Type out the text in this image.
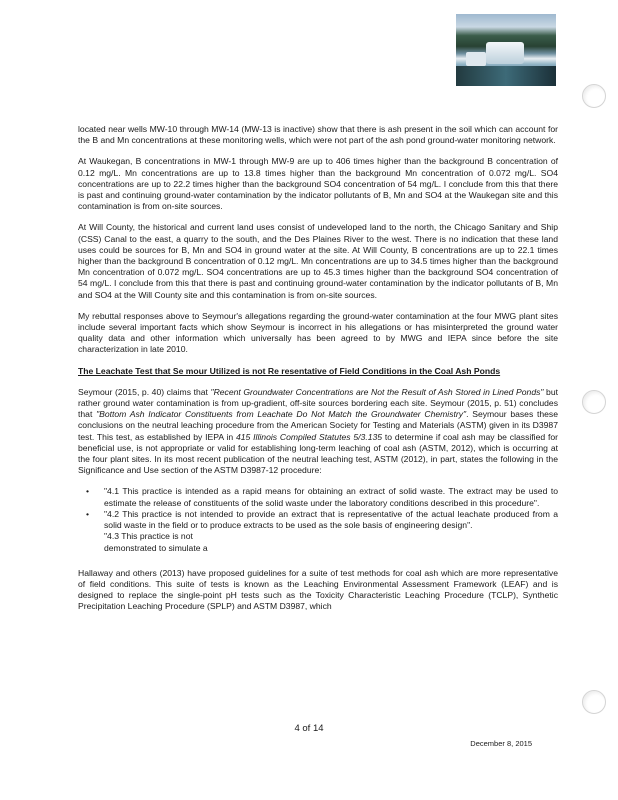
located near wells MW-10 through MW-14 (MW-13 is inactive) show that there is ash present in the soil which can account for the B and Mn concentrations at these monitoring wells, which were not part of the ash pond ground-water monitoring network.

At Waukegan, B concentrations in MW-1 through MW-9 are up to 406 times higher than the background B concentration of 0.12 mg/L. Mn concentrations are up to 13.8 times higher than the background Mn concentration of 0.072 mg/L. SO4 concentrations are up to 22.2 times higher than the background SO4 concentration of 54 mg/L. I conclude from this that there is past and continuing ground-water contamination by the indicator pollutants of B, Mn and SO4 at the Waukegan site and this contamination is from on-site sources.

At Will County, the historical and current land uses consist of undeveloped land to the north, the Chicago Sanitary and Ship (CSS) Canal to the east, a quarry to the south, and the Des Plaines River to the west. There is no indication that these land uses could be sources for B, Mn and SO4 in ground water at the site. At Will County, B concentrations are up to 22.1 times higher than the background B concentration of 0.12 mg/L. Mn concentrations are up to 34.5 times higher than the background Mn concentration of 0.072 mg/L. SO4 concentrations are up to 45.3 times higher than the background SO4 concentration of 54 mg/L. I conclude from this that there is past and continuing ground-water contamination by the indicator pollutants of B, Mn and SO4 at the Will County site and this contamination is from on-site sources.

My rebuttal responses above to Seymour's allegations regarding the ground-water contamination at the four MWG plant sites include several important facts which show Seymour is incorrect in his allegations or has misinterpreted the ground water quality data and other information which universally has been agreed to by MWG and IEPA since before the site characterization in late 2010.

The Leachate Test that Se mour Utilized is not Re resentative of Field Conditions in the Coal Ash Ponds

Seymour (2015, p. 40) claims that "Recent Groundwater Concentrations are Not the Result of Ash Stored in Lined Ponds" but rather ground water contamination is from up-gradient, off-site sources bordering each site. Seymour (2015, p. 51) concludes that "Bottom Ash Indicator Constituents from Leachate Do Not Match the Groundwater Chemistry". Seymour bases these conclusions on the neutral leaching procedure from the American Society for Testing and Materials (ASTM) given in its D3987 test. This test, as established by IEPA in 415 Illinois Compiled Statutes 5/3.135 to determine if coal ash may be classified for beneficial use, is not appropriate or valid for establishing long-term leaching of coal ash (ASTM, 2012), which is occurring at the four plant sites. In its most recent publication of the neutral leaching test, ASTM (2012), in part, states the following in the Significance and Use section of the ASTM D3987-12 procedure:

• "4.1 This practice is intended as a rapid means for obtaining an extract of solid waste. The extract may be used to estimate the release of constituents of the solid waste under the laboratory conditions described in this procedure".
• "4.2 This practice is not intended to provide an extract that is representative of the actual leachate produced from a solid waste in the field or to produce extracts to be used as the sole basis of engineering design".
"4.3 This practice is not
demonstrated to simulate a

Hallaway and others (2013) have proposed guidelines for a suite of test methods for coal ash which are more representative of field conditions. This suite of tests is known as the Leaching Environmental Assessment Framework (LEAF) and is designed to replace the single-point pH tests such as the Toxicity Characteristic Leaching Procedure (TCLP), Synthetic Precipitation Leaching Procedure (SPLP) and ASTM D3987, which

4 of 14
December 8, 2015
